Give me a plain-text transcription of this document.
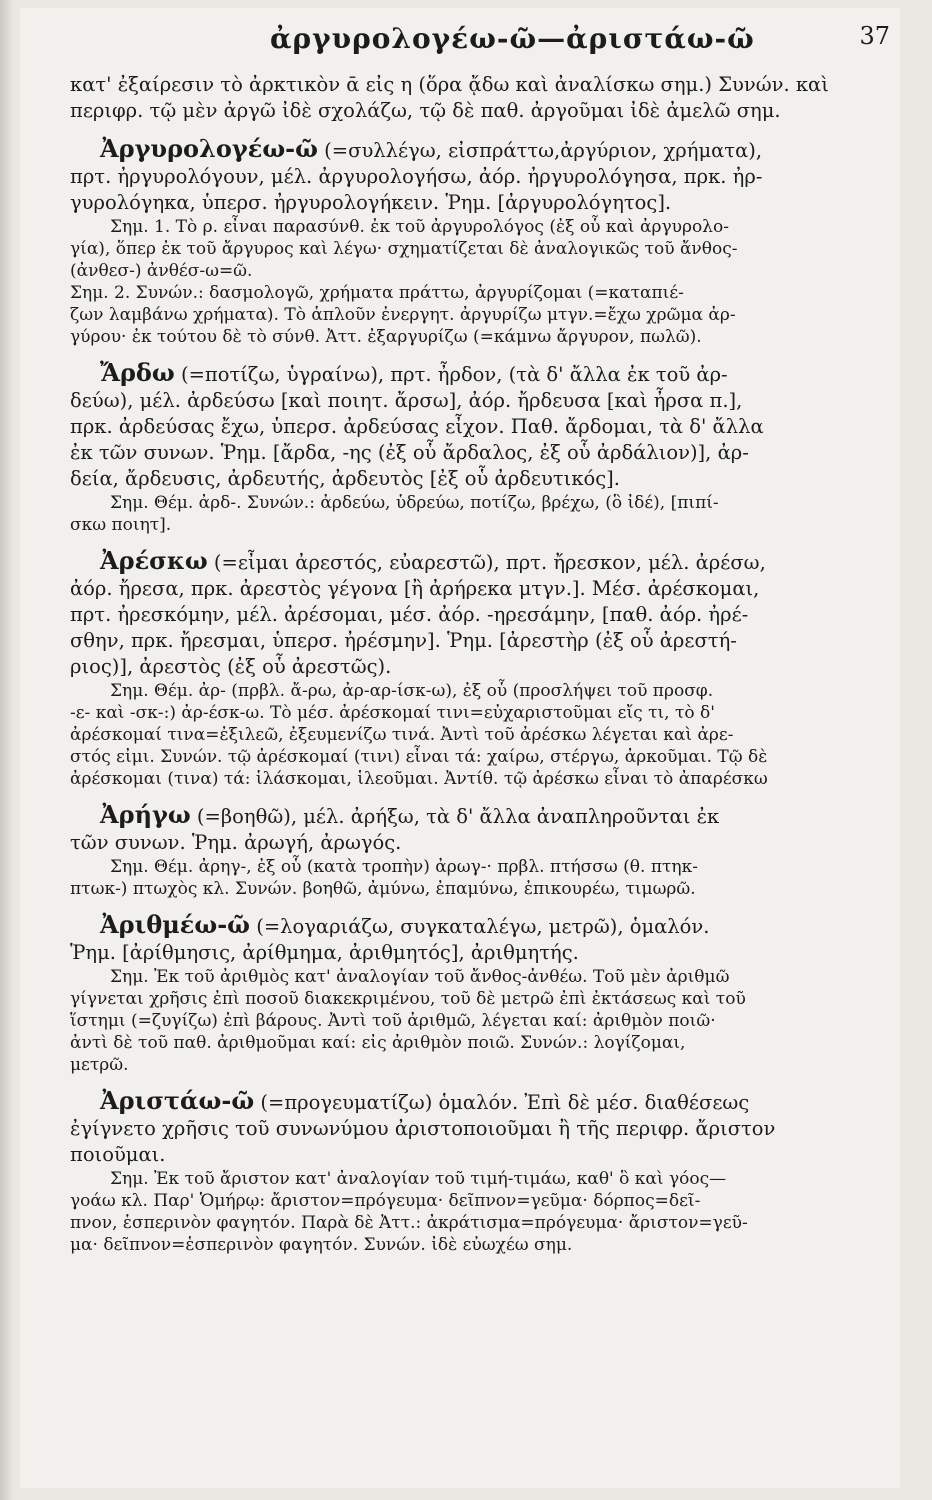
ἀργυρολογέω-ῶ—ἀριστάω-ῶ	37
κατ' ἐξαίρεσιν τὸ ἀρκτικὸν ᾱ εἰς η (ὅρα ᾄδω καὶ ἀναλίσκω σημ.) Συνών. καὶ
περιφρ. τῷ μὲν ἀργῶ ἰδὲ σχολάζω, τῷ δὲ παθ. ἀργοῦμαι ἰδὲ ἀμελῶ σημ.
Ἀργυρολογέω-ῶ (=συλλέγω, εἰσπράττω,ἀργύριον, χρήματα),
πρτ. ἠργυρολόγουν, μέλ. ἀργυρολογήσω, ἀόρ. ἠργυρολόγησα, πρκ. ἠρ-
γυρολόγηκα, ὑπερσ. ἠργυρολογήκειν. Ῥημ. [ἀργυρολόγητος].
Σημ. 1. Τὸ ρ. εἶναι παρασύνθ. ἐκ τοῦ ἀργυρολόγος (ἐξ οὗ καὶ ἀργυρολο-
γία), ὅπερ ἐκ τοῦ ἄργυρος καὶ λέγω· σχηματίζεται δὲ ἀναλογικῶς τοῦ ἄνθος-
(ἀνθεσ-) ἀνθέσ-ω=ῶ.
Σημ. 2. Συνών.: δασμολογῶ, χρήματα πράττω, ἀργυρίζομαι (=καταπιέ-
ζων λαμβάνω χρήματα). Τὸ ἁπλοῦν ἐνεργητ. ἀργυρίζω μτγν.=ἔχω χρῶμα ἀρ-
γύρου· ἐκ τούτου δὲ τὸ σύνθ. Ἀττ. ἐξαργυρίζω (=κάμνω ἄργυρον, πωλῶ).
Ἄρδω (=ποτίζω, ὑγραίνω), πρτ. ἦρδον, (τὰ δ' ἄλλα ἐκ τοῦ ἀρ-
δεύω), μέλ. ἀρδεύσω [καὶ ποιητ. ἄρσω], ἀόρ. ἤρδευσα [καὶ ἦρσα π.],
πρκ. ἀρδεύσας ἔχω, ὑπερσ. ἀρδεύσας εἶχον. Παθ. ἄρδομαι, τὰ δ' ἄλλα
ἐκ τῶν συνων. Ῥημ. [ἄρδα, -ης (ἐξ οὗ ἄρδαλος, ἐξ οὗ ἀρδάλιον)], ἀρ-
δεία, ἄρδευσις, ἀρδευτής, ἀρδευτὸς [ἐξ οὗ ἀρδευτικός].
Σημ. Θέμ. ἀρδ-. Συνών.: ἀρδεύω, ὑδρεύω, ποτίζω, βρέχω, (ὃ ἰδέ), [πιπί-
σκω ποιητ].
Ἀρέσκω (=εἶμαι ἀρεστός, εὐαρεστῶ), πρτ. ἤρεσκον, μέλ. ἀρέσω,
ἀόρ. ἤρεσα, πρκ. ἀρεστὸς γέγονα [ἢ ἀρήρεκα μτγν.]. Μέσ. ἀρέσκομαι,
πρτ. ἠρεσκόμην, μέλ. ἀρέσομαι, μέσ. ἀόρ. -ηρεσάμην, [παθ. ἀόρ. ἠρέ-
σθην, πρκ. ἤρεσμαι, ὑπερσ. ἠρέσμην]. Ῥημ. [ἀρεστὴρ (ἐξ οὗ ἀρεστή-
ριος)], ἀρεστὸς (ἐξ οὗ ἀρεστῶς).
Σημ. Θέμ. ἀρ- (πρβλ. ἄ-ρω, ἀρ-αρ-ίσκ-ω), ἐξ οὗ (προσλήψει τοῦ προσφ.
-ε- καὶ -σκ-:) ἀρ-έσκ-ω. Τὸ μέσ. ἀρέσκομαί τινι=εὐχαριστοῦμαι εἴς τι, τὸ δ'
ἀρέσκομαί τινα=ἐξιλεῶ, ἐξευμενίζω τινά. Ἀντὶ τοῦ ἀρέσκω λέγεται καὶ ἀρε-
στός εἰμι. Συνών. τῷ ἀρέσκομαί (τινι) εἶναι τά: χαίρω, στέργω, ἀρκοῦμαι. Τῷ δὲ
ἀρέσκομαι (τινα) τά: ἱλάσκομαι, ἱλεοῦμαι. Ἀντίθ. τῷ ἀρέσκω εἶναι τὸ ἀπαρέσκω
Ἀρήγω (=βοηθῶ), μέλ. ἀρήξω, τὰ δ' ἄλλα ἀναπληροῦνται ἐκ
τῶν συνων. Ῥημ. ἀρωγή, ἀρωγός.
Σημ. Θέμ. ἀρηγ-, ἐξ οὗ (κατὰ τροπὴν) ἀρωγ-· πρβλ. πτήσσω (θ. πτηκ-
πτωκ-) πτωχὸς κλ. Συνών. βοηθῶ, ἀμύνω, ἐπαμύνω, ἐπικουρέω, τιμωρῶ.
Ἀριθμέω-ῶ (=λογαριάζω, συγκαταλέγω, μετρῶ), ὁμαλόν.
Ῥημ. [ἀρίθμησις, ἀρίθμημα, ἀριθμητός], ἀριθμητής.
Σημ. Ἐκ τοῦ ἀριθμὸς κατ' ἀναλογίαν τοῦ ἄνθος-ἀνθέω. Τοῦ μὲν ἀριθμῶ
γίγνεται χρῆσις ἐπὶ ποσοῦ διακεκριμένου, τοῦ δὲ μετρῶ ἐπὶ ἐκτάσεως καὶ τοῦ
ἵστημι (=ζυγίζω) ἐπὶ βάρους. Ἀντὶ τοῦ ἀριθμῶ, λέγεται καί: ἀριθμὸν ποιῶ·
ἀντὶ δὲ τοῦ παθ. ἀριθμοῦμαι καί: εἰς ἀριθμὸν ποιῶ. Συνών.: λογίζομαι,
μετρῶ.
Ἀριστάω-ῶ (=προγευματίζω) ὁμαλόν. Ἐπὶ δὲ μέσ. διαθέσεως
ἐγίγνετο χρῆσις τοῦ συνωνύμου ἀριστοποιοῦμαι ἢ τῆς περιφρ. ἄριστον
ποιοῦμαι.
Σημ. Ἐκ τοῦ ἄριστον κατ' ἀναλογίαν τοῦ τιμή-τιμάω, καθ' ὃ καὶ γόος—
γοάω κλ. Παρ' Ὁμήρῳ: ἄριστον=πρόγευμα· δεῖπνον=γεῦμα· δόρπος=δεῖ-
πνον, ἑσπερινὸν φαγητόν. Παρὰ δὲ Ἀττ.: ἀκράτισμα=πρόγευμα· ἄριστον=γεῦ-
μα· δεῖπνον=ἑσπερινὸν φαγητόν. Συνών. ἰδὲ εὐωχέω σημ.
